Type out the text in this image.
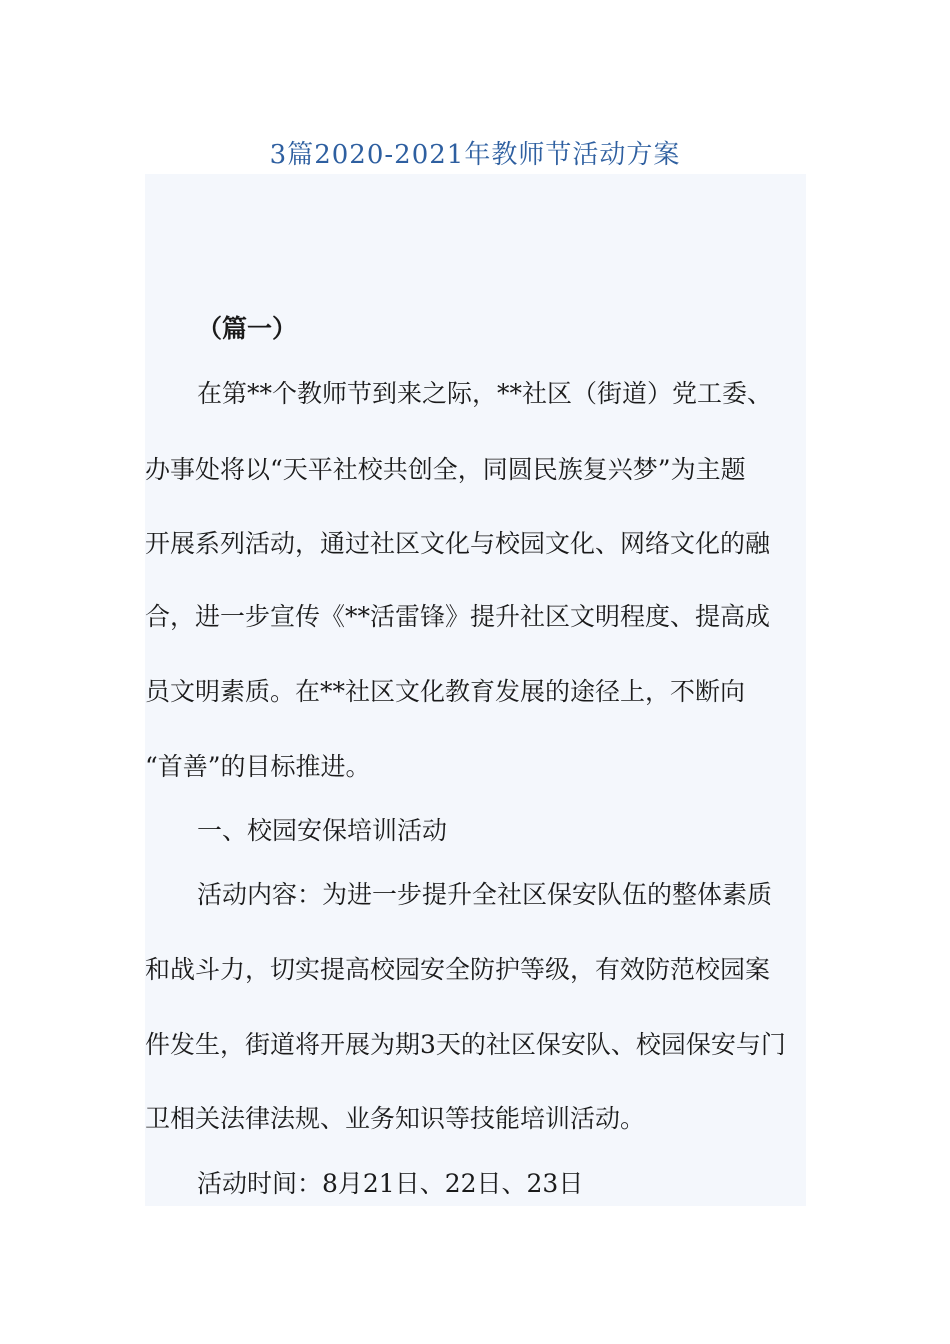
3篇2020-2021年教师节活动方案
（篇一）
在第**个教师节到来之际，**社区（街道）党工委、
办事处将以“天平社校共创全，同圆民族复兴梦”为主题
开展系列活动，通过社区文化与校园文化、网络文化的融
合，进一步宣传《**活雷锋》提升社区文明程度、提高成
员文明素质。在**社区文化教育发展的途径上，不断向
“首善”的目标推进。
一、校园安保培训活动
活动内容：为进一步提升全社区保安队伍的整体素质
和战斗力，切实提高校园安全防护等级，有效防范校园案
件发生，街道将开展为期3天的社区保安队、校园保安与门
卫相关法律法规、业务知识等技能培训活动。
活动时间：8月21日、22日、23日
